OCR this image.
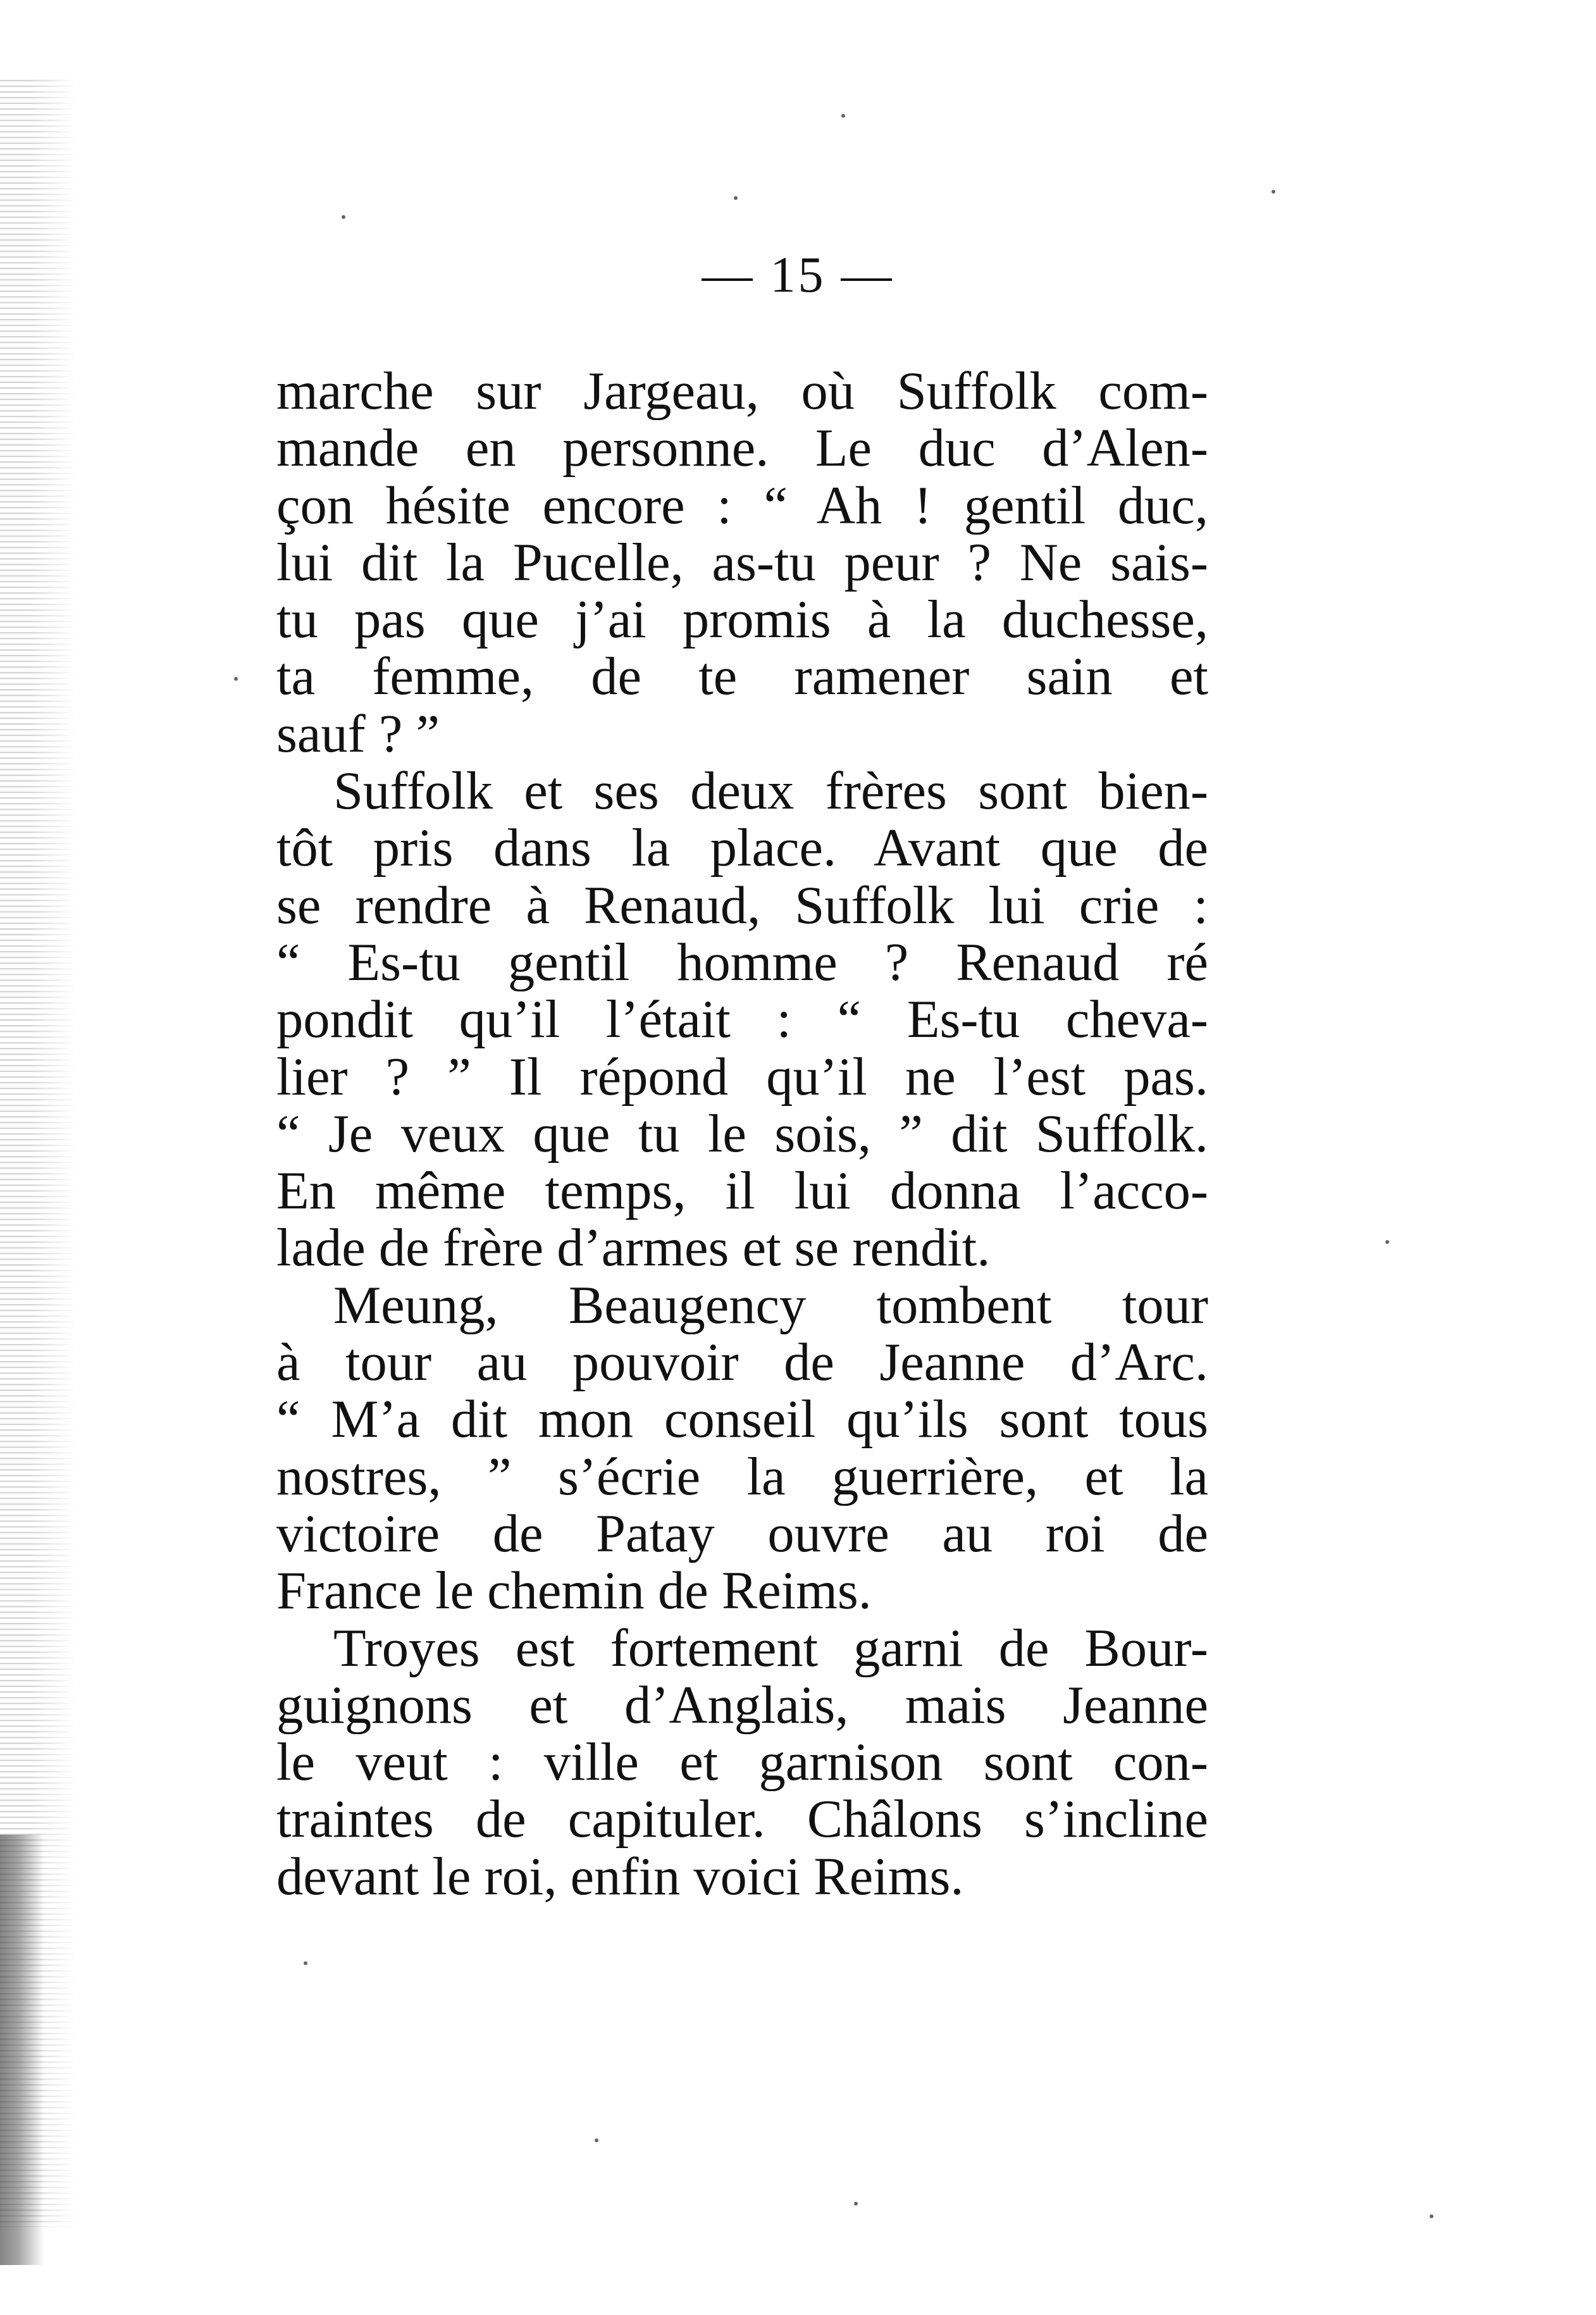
— 15 —
marche sur Jargeau, où Suffolk com-
mande en personne. Le duc d’Alen-
çon hésite encore : “ Ah ! gentil duc,
lui dit la Pucelle, as-tu peur ? Ne sais-
tu pas que j’ai promis à la duchesse,
ta femme, de te ramener sain et
sauf ? ”
Suffolk et ses deux frères sont bien-
tôt pris dans la place. Avant que de
se rendre à Renaud, Suffolk lui crie :
“ Es-tu gentil homme ? Renaud ré
pondit qu’il l’était : “ Es-tu cheva-
lier ? ” Il répond qu’il ne l’est pas.
“ Je veux que tu le sois, ” dit Suffolk.
En même temps, il lui donna l’acco-
lade de frère d’armes et se rendit.
Meung, Beaugency tombent tour
à tour au pouvoir de Jeanne d’Arc.
“ M’a dit mon conseil qu’ils sont tous
nostres, ” s’écrie la guerrière, et la
victoire de Patay ouvre au roi de
France le chemin de Reims.
Troyes est fortement garni de Bour-
guignons et d’Anglais, mais Jeanne
le veut : ville et garnison sont con-
traintes de capituler. Châlons s’incline
devant le roi, enfin voici Reims.
